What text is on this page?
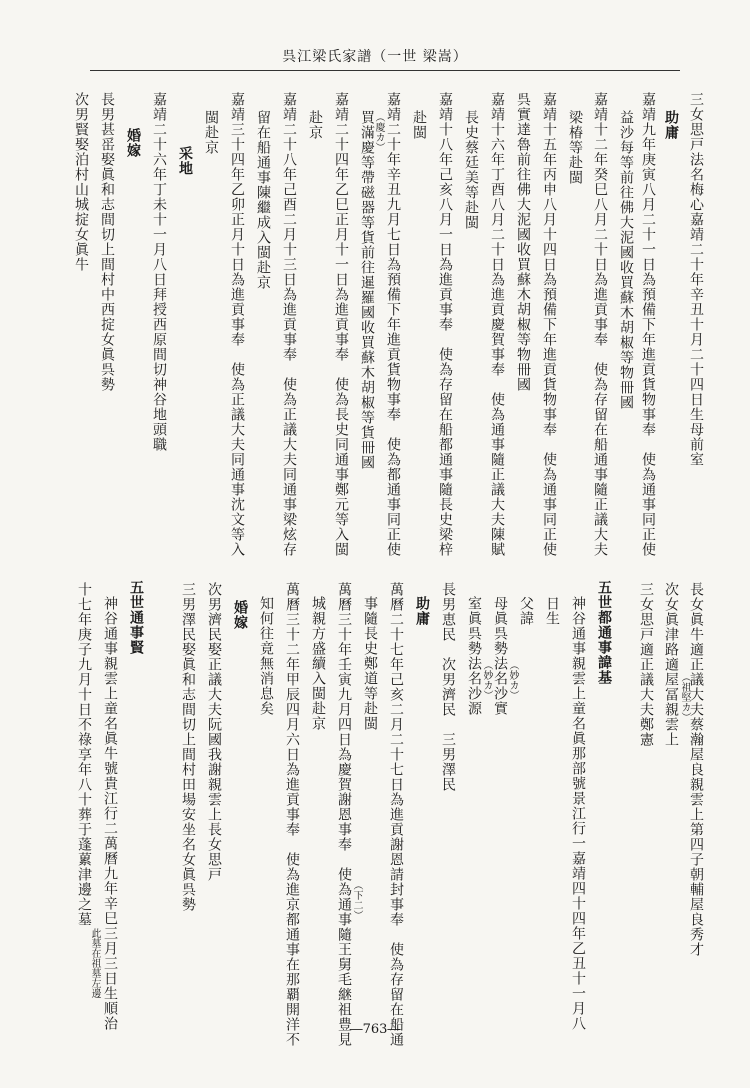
呉江梁氏家譜（一世 梁嵩）
三女思戸法名梅心嘉靖二十年辛丑十月二十四日生母前室
助庸
嘉靖九年庚寅八月二十一日為預備下年進貢貨物事奉　使為通事同正使
益沙每等前往佛大泥國收買蘇木胡椒等物冊國
嘉靖十二年癸巳八月二十日為進貢事奉　使為存留在船通事隨正議大夫
梁椿等赴閩
嘉靖十五年丙申八月十四日為預備下年進貢貨物事奉　使為通事同正使
呉實達魯前往佛大泥國收買蘇木胡椒等物冊國
嘉靖十六年丁酉八月二十日為進貢慶賀事奉　使為通事隨正議大夫陳賦
長史蔡廷美等赴閩
嘉靖十八年己亥八月一日為進貢事奉　使為存留在船都通事隨長史梁梓
赴閩
嘉靖二十年辛丑九月七日為預備下年進貢貨物事奉　使為都通事同正使
買滿慶等帶磁器等貨前往暹羅國收買蘇木胡椒等貨冊國
（慶カ）
嘉靖二十四年乙巳正月十一日為進貢事奉　使為長史同通事鄭元等入閩
赴京
嘉靖二十八年己酉二月十三日為進貢事奉　使為正議大夫同通事梁炫存
留在船通事陳繼成入閩赴京
嘉靖三十四年乙卯正月十日為進貢事奉　使為正議大夫同通事沈文等入
閩赴京
采地
嘉靖二十六年丁未十一月八日拜授西原間切神谷地頭職
婚嫁
長男甚䍃娶眞和志間切上間村中西掟女眞呉勢
次男賢娶泊村山城掟女眞牛
長女眞牛適正議大夫蔡瀚屋良親雲上第四子朝輔屋良秀才
次女眞津路適屋冨親雲上 （祖堅カ）
三女思戸適正議大夫鄭憲
五世都通事諱基
神谷通事親雲上童名眞那部號景江行一嘉靖四十四年乙丑十一月八
日生
父諱
母眞呉勢法名沙實 （妙カ）
室眞呉勢法名沙源 （妙カ）
長男恵民　次男濟民　三男澤民
助庸
萬曆二十七年己亥二月二十七日為進貢謝恩請封事奉　使為存留在船通
事隨長史鄭道等赴閩
萬曆三十年壬寅九月四日為慶賀謝恩事奉　使為通事隨王舅毛継祖豊見 （下二）
城親方盛續入閩赴京
萬曆三十二年甲辰四月六日為進貢事奉　使為進京都通事在那覇開洋不
知何往竟無消息矣
婚嫁
次男濟民娶正議大夫阮國我謝親雲上長女思戸
三男澤民娶眞和志間切上間村田場安坐名女眞呉勢
五世通事賢
神谷通事親雲上童名眞牛號貴江行二萬曆九年辛巳三月三日生順治
十七年庚子九月十日不祿享年八十葬于蓬蔂津邊之墓
此墓在祖墓左邊
―763―
